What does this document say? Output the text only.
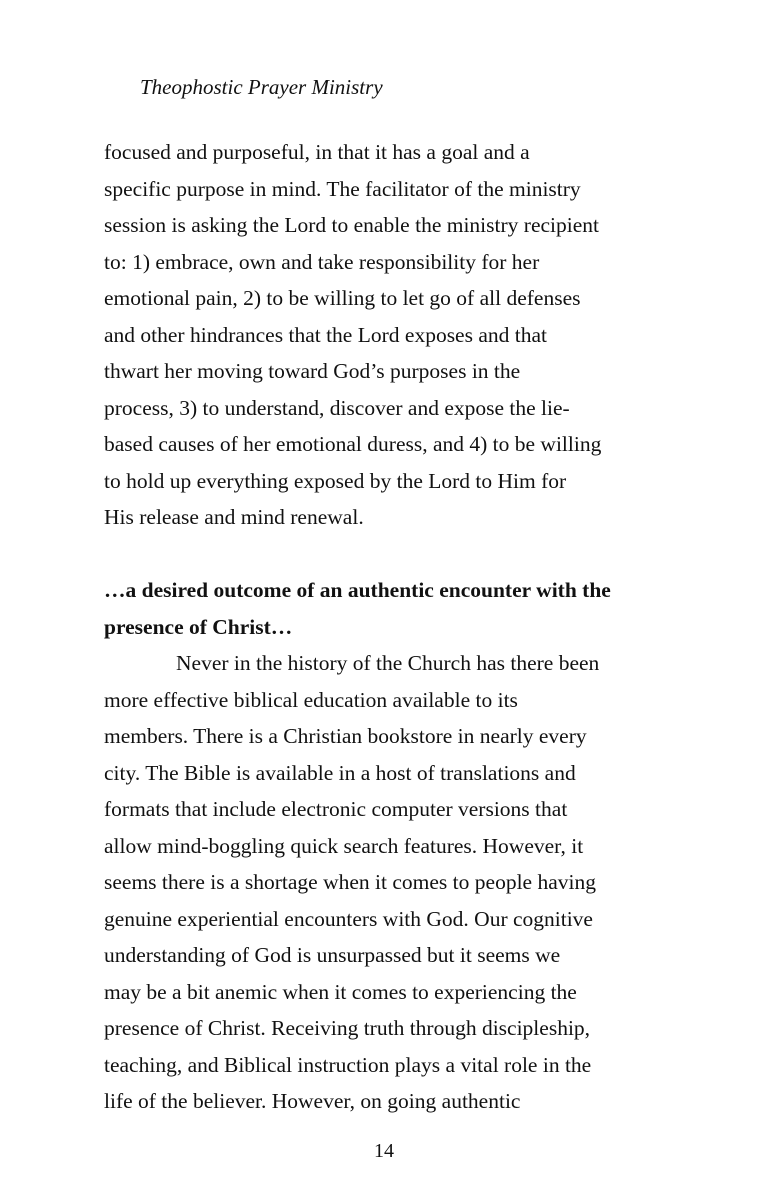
Theophostic Prayer Ministry
focused and purposeful, in that it has a goal and a
specific purpose in mind. The facilitator of the ministry
session is asking the Lord to enable the ministry recipient
to: 1) embrace, own and take responsibility for her
emotional pain, 2) to be willing to let go of all defenses
and other hindrances that the Lord exposes and that
thwart her moving toward God’s purposes in the
process, 3) to understand, discover and expose the lie-
based causes of her emotional duress, and 4) to be willing
to hold up everything exposed by the Lord to Him for
His release and mind renewal.
…a desired outcome of an authentic encounter with the
presence of Christ…
Never in the history of the Church has there been
more effective biblical education available to its
members. There is a Christian bookstore in nearly every
city. The Bible is available in a host of translations and
formats that include electronic computer versions that
allow mind-boggling quick search features. However, it
seems there is a shortage when it comes to people having
genuine experiential encounters with God. Our cognitive
understanding of God is unsurpassed but it seems we
may be a bit anemic when it comes to experiencing the
presence of Christ. Receiving truth through discipleship,
teaching, and Biblical instruction plays a vital role in the
life of the believer. However, on going authentic
14
